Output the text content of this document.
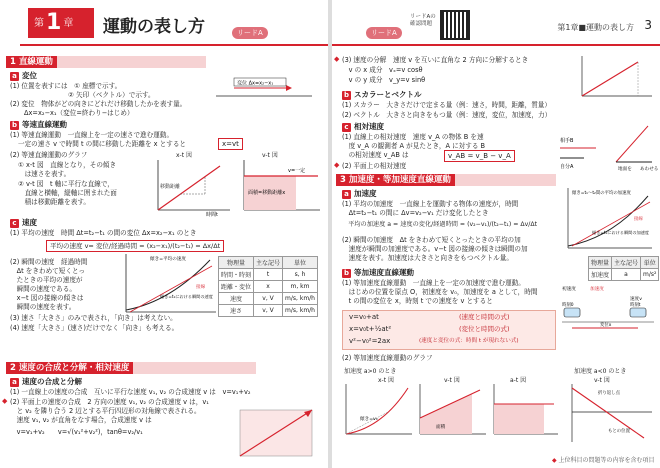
第1 章	運動の表し方	リードA
1 直線運動
a 変位
(1) 位置を表すには　① 座標で示す。
② 矢印（ベクトル）で示す。
(2) 変位　物体がどの向きにどれだけ移動したかを表す量。
Δx=x₂−x₁（変位=終わり−はじめ）
変位 Δx=x₂−x₁
b 等速直線運動
(1) 等速直線運動　一直線上を一定の速さで進む運動。
一定の速さ v で時間 t の間に移動した距離を x とすると	x=vt
(2) 等速直線運動のグラフ
① x-t 図　直線となり，その傾き
　は速さを表す。
② v-t 図　t 軸に平行な直線で，
　直線と横軸，縦軸に囲まれた面
　積は移動距離を表す。
x-t 図
移動距離
時間t
v-t 図
v=一定
面積=移動距離x
c 速度
(1) 平均の速度　時間 Δt=t₂−t₁ の間の変位 Δx=x₂−x₁ のとき
平均の速度 v= 変位/経過時間 = (x₂−x₁)/(t₂−t₁) = Δx/Δt
(2) 瞬間の速度　経過時間
　Δt をきわめて短くとっ
　たときの平均の速度が
　瞬間の速度である。
　x−t 図の接線の傾きは
　瞬間の速度を表す。
(3) 速さ「大きさ」のみで表され，「向き」は考えない。
(4) 速度「大きさ」(速さ)だけでなく「向き」も考える。
傾き=平均の速度
接線
傾き=t₁における瞬間の速度
物理量	主な記号	単位
時間・時刻	t	s, h
距離・変位	x	m, km
速度	v, V	m/s, km/h
速さ	v, V	m/s, km/h
2 速度の合成と分解・相対速度
a 速度の合成と分解
(1) 一直線上の速度の合成　互いに平行な速度 v₁, v₂ の合成速度 v は　v=v₁+v₂
◆ (2) 平面上の速度の合成　2 方向の速度 v₁, v₂ の合成速度 v は，v₁
　と v₂ を隣り合う 2 辺とする平行四辺形の対角線で表される。
　速度 v₁, v₂ が直角をなす場合，合成速度 v は
　v=v₁+v₂　　v=√(v₁²+v₂²)，tanθ=v₂/v₁
リードA
リードAの確認問題	第1章■運動の表し方 3
◆ (3) 速度の分解　速度 v を互いに直角な 2 方向に分解するとき
　v の x 成分　vₓ=v cosθ
　v の y 成分　v_y=v sinθ
b スカラーとベクトル
(1) スカラー　大きさだけで定まる量（例：速さ，時間，距離，質量）
(2) ベクトル　大きさと向きをもつ量（例：速度，変位，加速度，力）
c 相対速度
(1) 直線上の相対速度　速度 v_A の物体 B を速
　度 v_A の観測者 A が見たとき，A に対する B
　の相対速度 v_AB は	v_AB = v_B − v_A
◆ (2) 平面上の相対速度	自分A
相手B
地面を あわせる
3 加速度・等加速度直線運動
a 加速度
(1) 平均の加速度　一直線上を運動する物体の速度が，時間
　Δt=t₂−t₁ の間に Δv=v₂−v₁ だけ変化したとき
　平均の加速度 a = 速度の変化/経過時間 = (v₂−v₁)/(t₂−t₁) = Δv/Δt
(2) 瞬間の加速度　Δt をきわめて短くとったときの平均の加
　速度が瞬間の加速度である。v−t 図の接線の傾きは瞬間の加
　速度を表す。加速度は大きさと向きをもつベクトル量。
傾き=t₁～t₂間の平均の加速度
接線
傾き=t₁における瞬間の加速度
物理量	主な記号	単位
加速度	a	m/s²
b 等加速度直線運動
(1) 等加速度直線運動　一直線上を一定の加速度で進む運動。
　はじめの位置を原点 O，初速度を v₀，加速度を a として，時間
　t の間の変位を x，時刻 t での速度を v とすると
v=v₀+at	(速度と時間の式)
x=v₀t+½at²	(変位と時間の式)
v²−v₀²=2ax	(速度と変位の式：時間 t が現れない式)
初速度	加速度
変位x
速度v
時刻t
時刻0
(2) 等加速度直線運動のグラフ
加速度 a>0 のとき	加速度 a<0 のとき
x-t 図
傾き=v₀
v-t 図
面積
a-t 図	v-t 図
折り返し点
もとの位置
◆ 上位科目の問題等の内容を含む項目
